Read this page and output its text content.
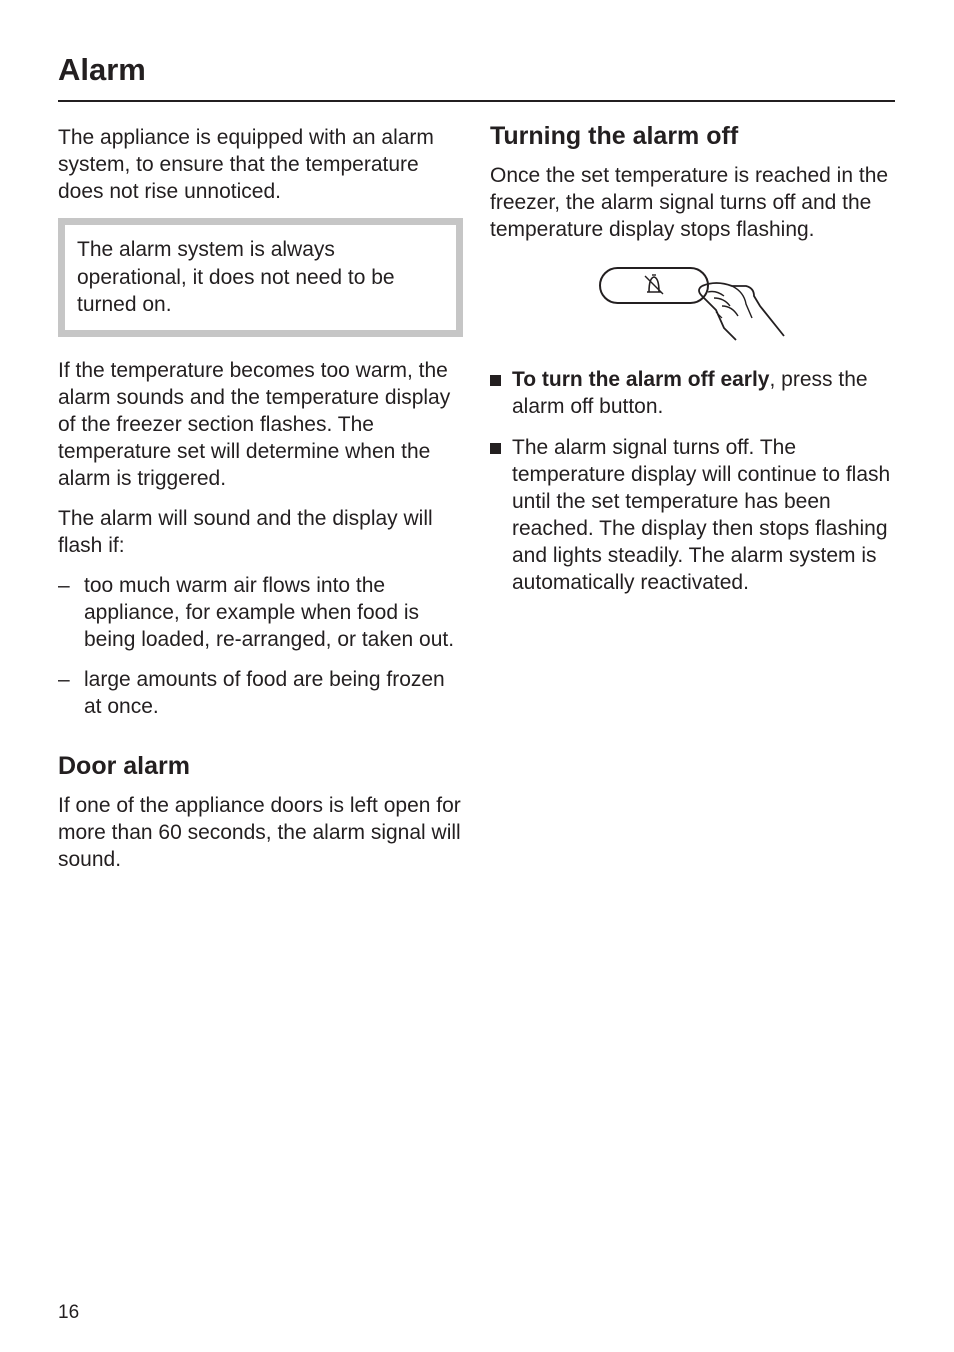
Alarm

The appliance is equipped with an alarm system, to ensure that the temperature does not rise unnoticed.

The alarm system is always operational, it does not need to be turned on.

If the temperature becomes too warm, the alarm sounds and the temperature display of the freezer section flashes. The temperature set will determine when the alarm is triggered.

The alarm will sound and the display will flash if:

– too much warm air flows into the appliance, for example when food is being loaded, re-arranged, or taken out.
– large amounts of food are being frozen at once.
Door alarm

If one of the appliance doors is left open for more than 60 seconds, the alarm signal will sound.

Turning the alarm off

Once the set temperature is reached in the freezer, the alarm signal turns off and the temperature display stops flashing.

To turn the alarm off early, press the alarm off button.
The alarm signal turns off. The temperature display will continue to flash until the set temperature has been reached. The display then stops flashing and lights steadily. The alarm system is automatically reactivated.
16
